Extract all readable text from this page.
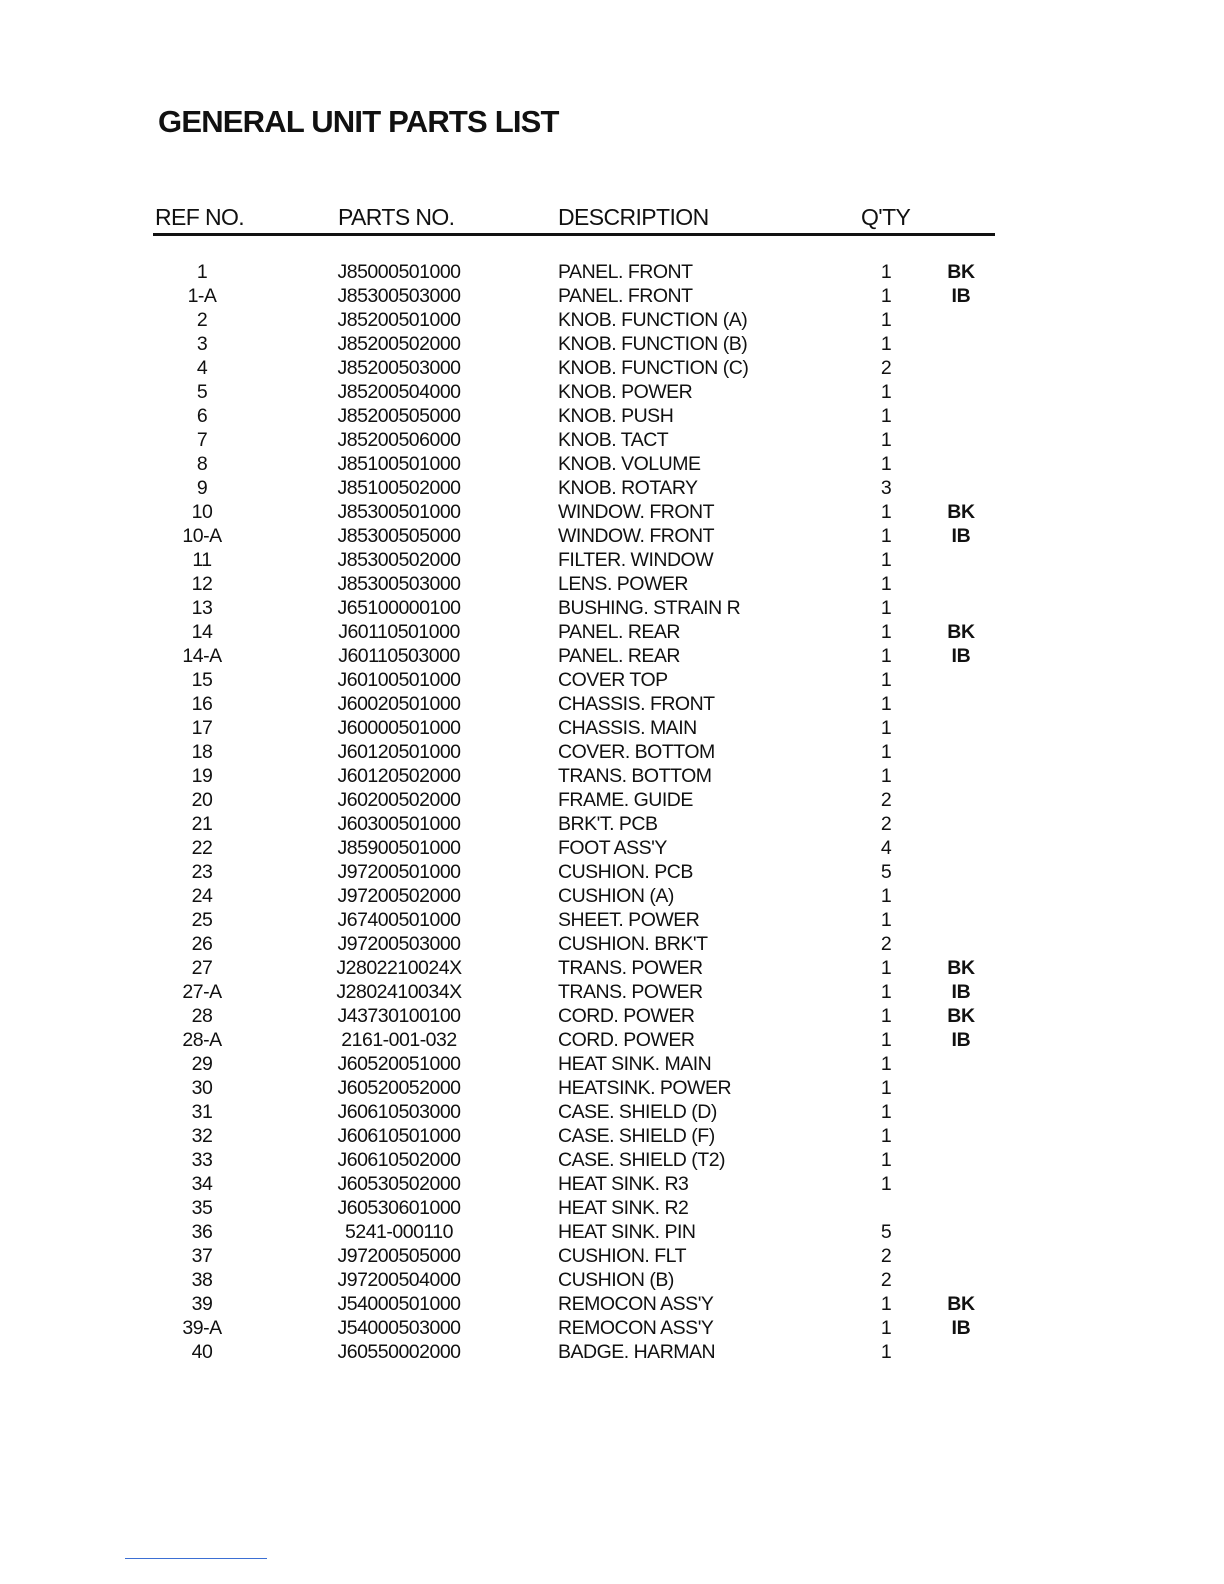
GENERAL UNIT PARTS LIST
REF NO.	PARTS NO.	DESCRIPTION	Q'TY
1	J85000501000	PANEL. FRONT	1	BK
1-A	J85300503000	PANEL. FRONT	1	IB
2	J85200501000	KNOB. FUNCTION (A)	1
3	J85200502000	KNOB. FUNCTION (B)	1
4	J85200503000	KNOB. FUNCTION (C)	2
5	J85200504000	KNOB. POWER	1
6	J85200505000	KNOB. PUSH	1
7	J85200506000	KNOB. TACT	1
8	J85100501000	KNOB. VOLUME	1
9	J85100502000	KNOB. ROTARY	3
10	J85300501000	WINDOW. FRONT	1	BK
10-A	J85300505000	WINDOW. FRONT	1	IB
11	J85300502000	FILTER. WINDOW	1
12	J85300503000	LENS. POWER	1
13	J65100000100	BUSHING. STRAIN R	1
14	J60110501000	PANEL. REAR	1	BK
14-A	J60110503000	PANEL. REAR	1	IB
15	J60100501000	COVER TOP	1
16	J60020501000	CHASSIS. FRONT	1
17	J60000501000	CHASSIS. MAIN	1
18	J60120501000	COVER. BOTTOM	1
19	J60120502000	TRANS. BOTTOM	1
20	J60200502000	FRAME. GUIDE	2
21	J60300501000	BRK'T. PCB	2
22	J85900501000	FOOT ASS'Y	4
23	J97200501000	CUSHION. PCB	5
24	J97200502000	CUSHION (A)	1
25	J67400501000	SHEET. POWER	1
26	J97200503000	CUSHION. BRK'T	2
27	J2802210024X	TRANS. POWER	1	BK
27-A	J2802410034X	TRANS. POWER	1	IB
28	J43730100100	CORD. POWER	1	BK
28-A	2161-001-032	CORD. POWER	1	IB
29	J60520051000	HEAT SINK. MAIN	1
30	J60520052000	HEATSINK. POWER	1
31	J60610503000	CASE. SHIELD (D)	1
32	J60610501000	CASE. SHIELD (F)	1
33	J60610502000	CASE. SHIELD (T2)	1
34	J60530502000	HEAT SINK. R3	1
35	J60530601000	HEAT SINK. R2
36	5241-000110	HEAT SINK. PIN	5
37	J97200505000	CUSHION. FLT	2
38	J97200504000	CUSHION (B)	2
39	J54000501000	REMOCON ASS'Y	1	BK
39-A	J54000503000	REMOCON ASS'Y	1	IB
40	J60550002000	BADGE. HARMAN	1
